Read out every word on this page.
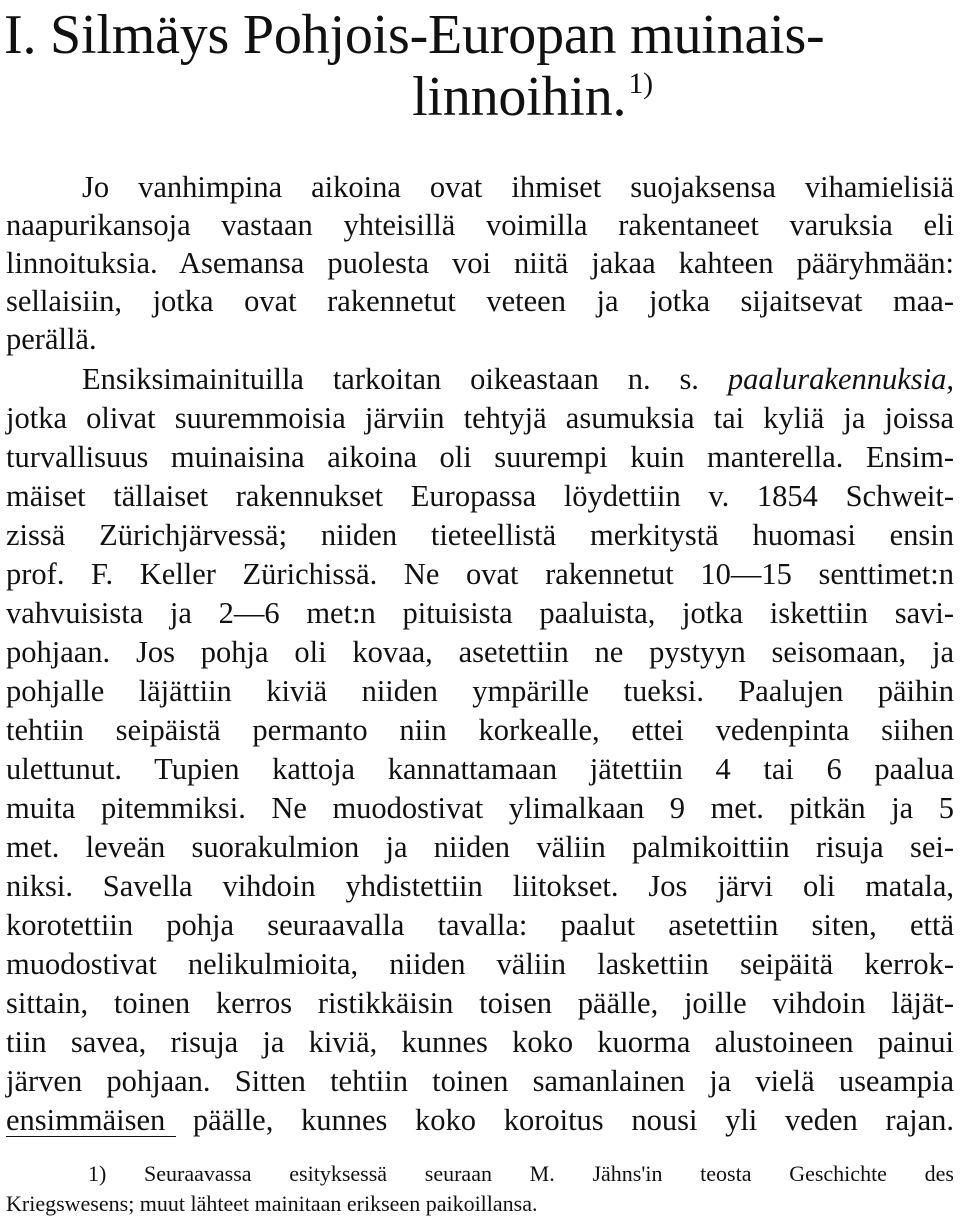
I. Silmäys Pohjois-Europan muinais-
linnoihin.$^{1)}$
Jo vanhimpina aikoina ovat ihmiset suojaksensa vihamielisiä
naapurikansoja vastaan yhteisillä voimilla rakentaneet varuksia eli
linnoituksia. Asemansa puolesta voi niitä jakaa kahteen pääryhmään:
sellaisiin, jotka ovat rakennetut veteen ja jotka sijaitsevat maa-
perällä.
Ensiksimainituilla tarkoitan oikeastaan n. s. paalurakennuksia,
jotka olivat suuremmoisia järviin tehtyjä asumuksia tai kyliä ja joissa
turvallisuus muinaisina aikoina oli suurempi kuin manterella. Ensim-
mäiset tällaiset rakennukset Europassa löydettiin v. 1854 Schweit-
zissä Zürichjärvessä; niiden tieteellistä merkitystä huomasi ensin
prof. F. Keller Zürichissä. Ne ovat rakennetut 10—15 senttimet:n
vahvuisista ja 2—6 met:n pituisista paaluista, jotka iskettiin savi-
pohjaan. Jos pohja oli kovaa, asetettiin ne pystyyn seisomaan, ja
pohjalle läjättiin kiviä niiden ympärille tueksi. Paalujen päihin
tehtiin seipäistä permanto niin korkealle, ettei vedenpinta siihen
ulettunut. Tupien kattoja kannattamaan jätettiin 4 tai 6 paalua
muita pitemmiksi. Ne muodostivat ylimalkaan 9 met. pitkän ja 5
met. leveän suorakulmion ja niiden väliin palmikoittiin risuja sei-
niksi. Savella vihdoin yhdistettiin liitokset. Jos järvi oli matala,
korotettiin pohja seuraavalla tavalla: paalut asetettiin siten, että
muodostivat nelikulmioita, niiden väliin laskettiin seipäitä kerrok-
sittain, toinen kerros ristikkäisin toisen päälle, joille vihdoin läjät-
tiin savea, risuja ja kiviä, kunnes koko kuorma alustoineen painui
järven pohjaan. Sitten tehtiin toinen samanlainen ja vielä useampia
ensimmäisen päälle, kunnes koko koroitus nousi yli veden rajan.
1) Seuraavassa esityksessä seuraan M. Jähns'in teosta Geschichte des
Kriegswesens; muut lähteet mainitaan erikseen paikoillansa.
